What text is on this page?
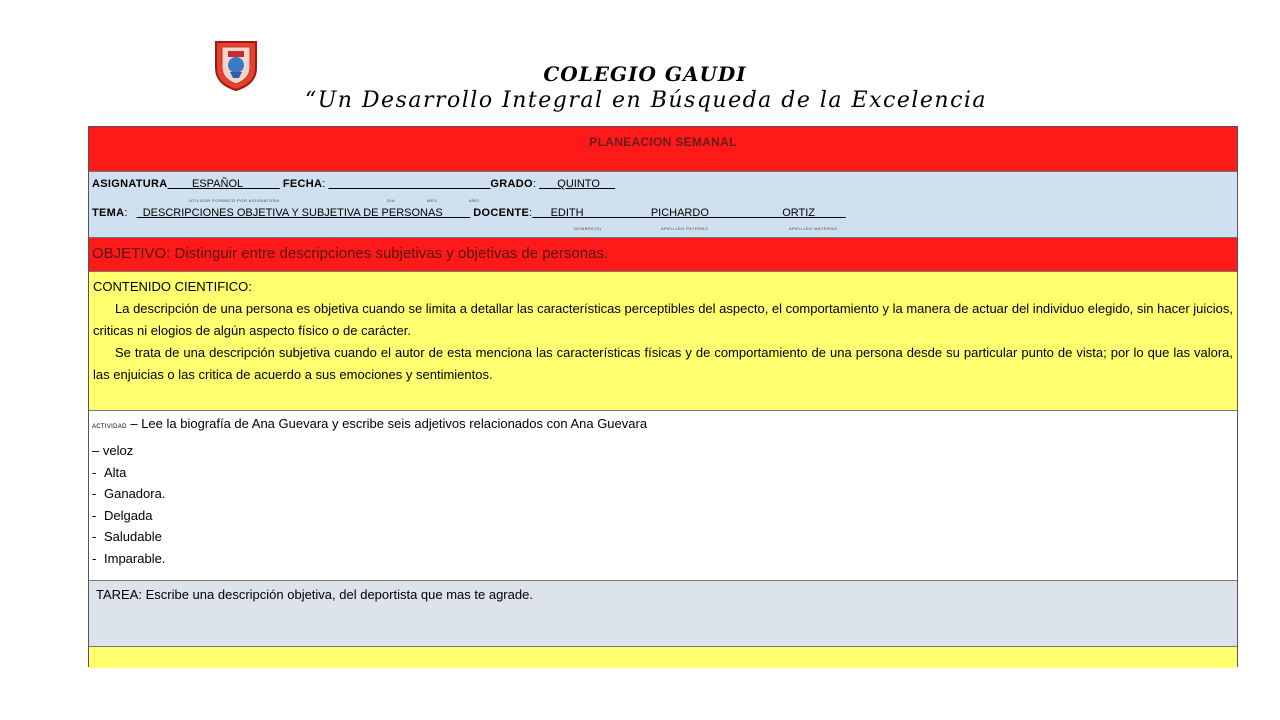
COLEGIO GAUDI
“Un Desarrollo Integral en Búsqueda de la Excelencia
PLANEACION SEMANAL
ASIGNATURA ESPAÑOL	FECHA:	GRADO:       QUINTO
UTILIZAR FORMATO POR ASIGNATURA	DIA	MES	AÑO
TEMA:     DESCRIPCIONES OBJETIVA Y SUBJETIVA DE PERSONAS	DOCENTE: EDITH	PICHARDO	ORTIZ
NOMBRE(S)	APELLIDO PATERNO	APELLIDO MATERNO
OBJETIVO: Distinguir entre descripciones subjetivas y objetivas de personas.

CONTENIDO CIENTIFICO:

La descripción de una persona es objetiva cuando se limita a detallar las características perceptibles del aspecto, el comportamiento y la manera de actuar del individuo elegido, sin hacer juicios, criticas ni elogios de algún aspecto físico o de carácter.

Se trata de una descripción subjetiva cuando el autor de esta menciona las características físicas y de comportamiento de una persona desde su particular punto de vista; por lo que las valora, las enjuicias o las critica de acuerdo a sus emociones y sentimientos.

ACTIVIDAD – Lee la biografía de Ana Guevara y escribe seis adjetivos relacionados con Ana Guevara
– veloz
- Alta
- Ganadora.
- Delgada
- Saludable
- Imparable.
TAREA: Escribe una descripción objetiva, del deportista que mas te agrade.
